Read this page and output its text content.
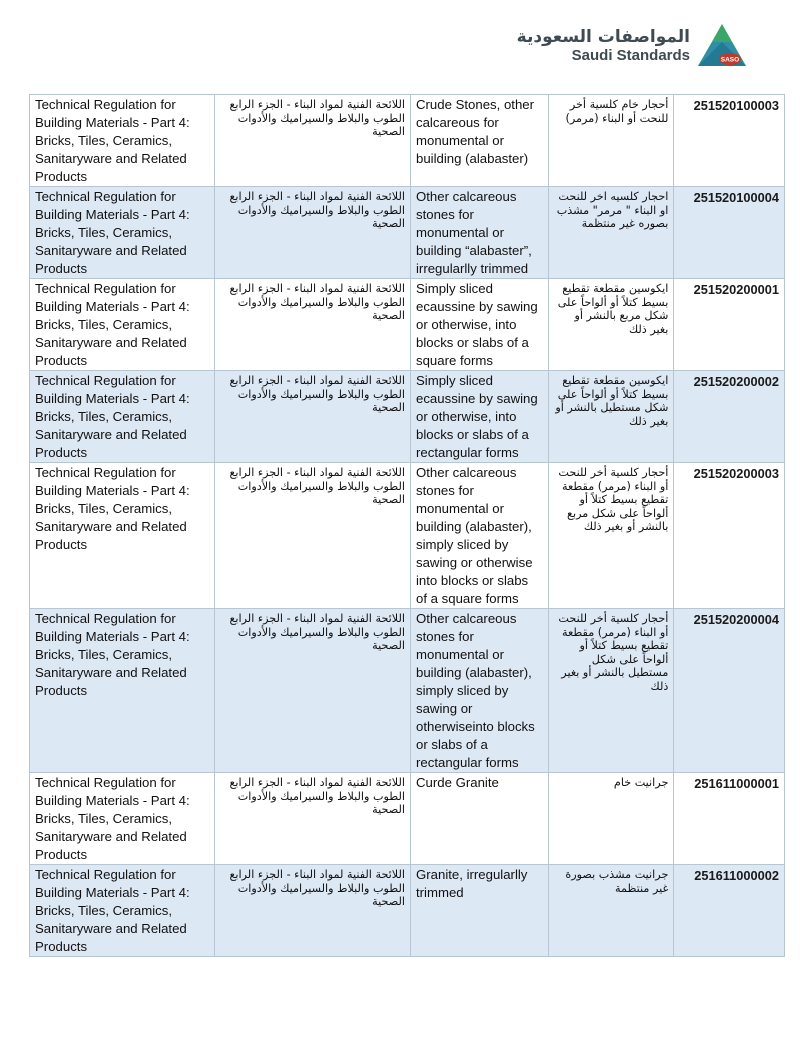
المواصفات السعودية
Saudi Standards	SASO
Technical Regulation for Building Materials - Part 4: Bricks, Tiles, Ceramics, Sanitaryware and Related Products	اللائحة الفنية لمواد البناء - الجزء الرابع الطوب والبلاط والسيراميك والأدوات الصحية	Crude Stones, other calcareous for monumental or building (alabaster)	أحجار خام كلسية أخر للنحت أو البناء (مرمر)	251520100003
Technical Regulation for Building Materials - Part 4: Bricks, Tiles, Ceramics, Sanitaryware and Related Products	اللائحة الفنية لمواد البناء - الجزء الرابع الطوب والبلاط والسيراميك والأدوات الصحية	Other calcareous stones for monumental or building “alabaster”, irregularlly trimmed	احجار كلسيه اخر للنحت او البناء " مرمر" مشذب بصوره غير منتظمة	251520100004
Technical Regulation for Building Materials - Part 4: Bricks, Tiles, Ceramics, Sanitaryware and Related Products	اللائحة الفنية لمواد البناء - الجزء الرابع الطوب والبلاط والسيراميك والأدوات الصحية	Simply sliced ecaussine by sawing or otherwise, into blocks or slabs of a square forms	ايكوسين مقطعة تقطيع بسيط كتلاً أو ألواحاً على شكل مربع بالنشر أو بغير ذلك	251520200001
Technical Regulation for Building Materials - Part 4: Bricks, Tiles, Ceramics, Sanitaryware and Related Products	اللائحة الفنية لمواد البناء - الجزء الرابع الطوب والبلاط والسيراميك والأدوات الصحية	Simply sliced ecaussine by sawing or otherwise, into blocks or slabs of a rectangular forms	ايكوسين مقطعة تقطيع بسيط كتلاً أو ألواحاً على شكل مستطيل بالنشر أو بغير ذلك	251520200002
Technical Regulation for Building Materials - Part 4: Bricks, Tiles, Ceramics, Sanitaryware and Related Products	اللائحة الفنية لمواد البناء - الجزء الرابع الطوب والبلاط والسيراميك والأدوات الصحية	Other calcareous stones for monumental or building (alabaster), simply sliced by sawing or otherwise into blocks or slabs of a square forms	أحجار كلسية أخر للنحت أو البناء (مرمر) مقطعة تقطيع بسيط كتلاً أو ألواحاً على شكل مربع بالنشر أو بغير ذلك	251520200003
Technical Regulation for Building Materials - Part 4: Bricks, Tiles, Ceramics, Sanitaryware and Related Products	اللائحة الفنية لمواد البناء - الجزء الرابع الطوب والبلاط والسيراميك والأدوات الصحية	Other calcareous stones for monumental or building (alabaster), simply sliced by sawing or otherwiseinto blocks or slabs of a rectangular forms	أحجار كلسية أخر للنحت أو البناء (مرمر) مقطعة تقطيع بسيط كتلاً أو ألواحاً على شكل مستطيل بالنشر أو بغير ذلك	251520200004
Technical Regulation for Building Materials - Part 4: Bricks, Tiles, Ceramics, Sanitaryware and Related Products	اللائحة الفنية لمواد البناء - الجزء الرابع الطوب والبلاط والسيراميك والأدوات الصحية	Curde Granite	جرانيت خام	251611000001
Technical Regulation for Building Materials - Part 4: Bricks, Tiles, Ceramics, Sanitaryware and Related Products	اللائحة الفنية لمواد البناء - الجزء الرابع الطوب والبلاط والسيراميك والأدوات الصحية	Granite, irregularlly trimmed	جرانيت مشذب بصورة غير منتظمة	251611000002
